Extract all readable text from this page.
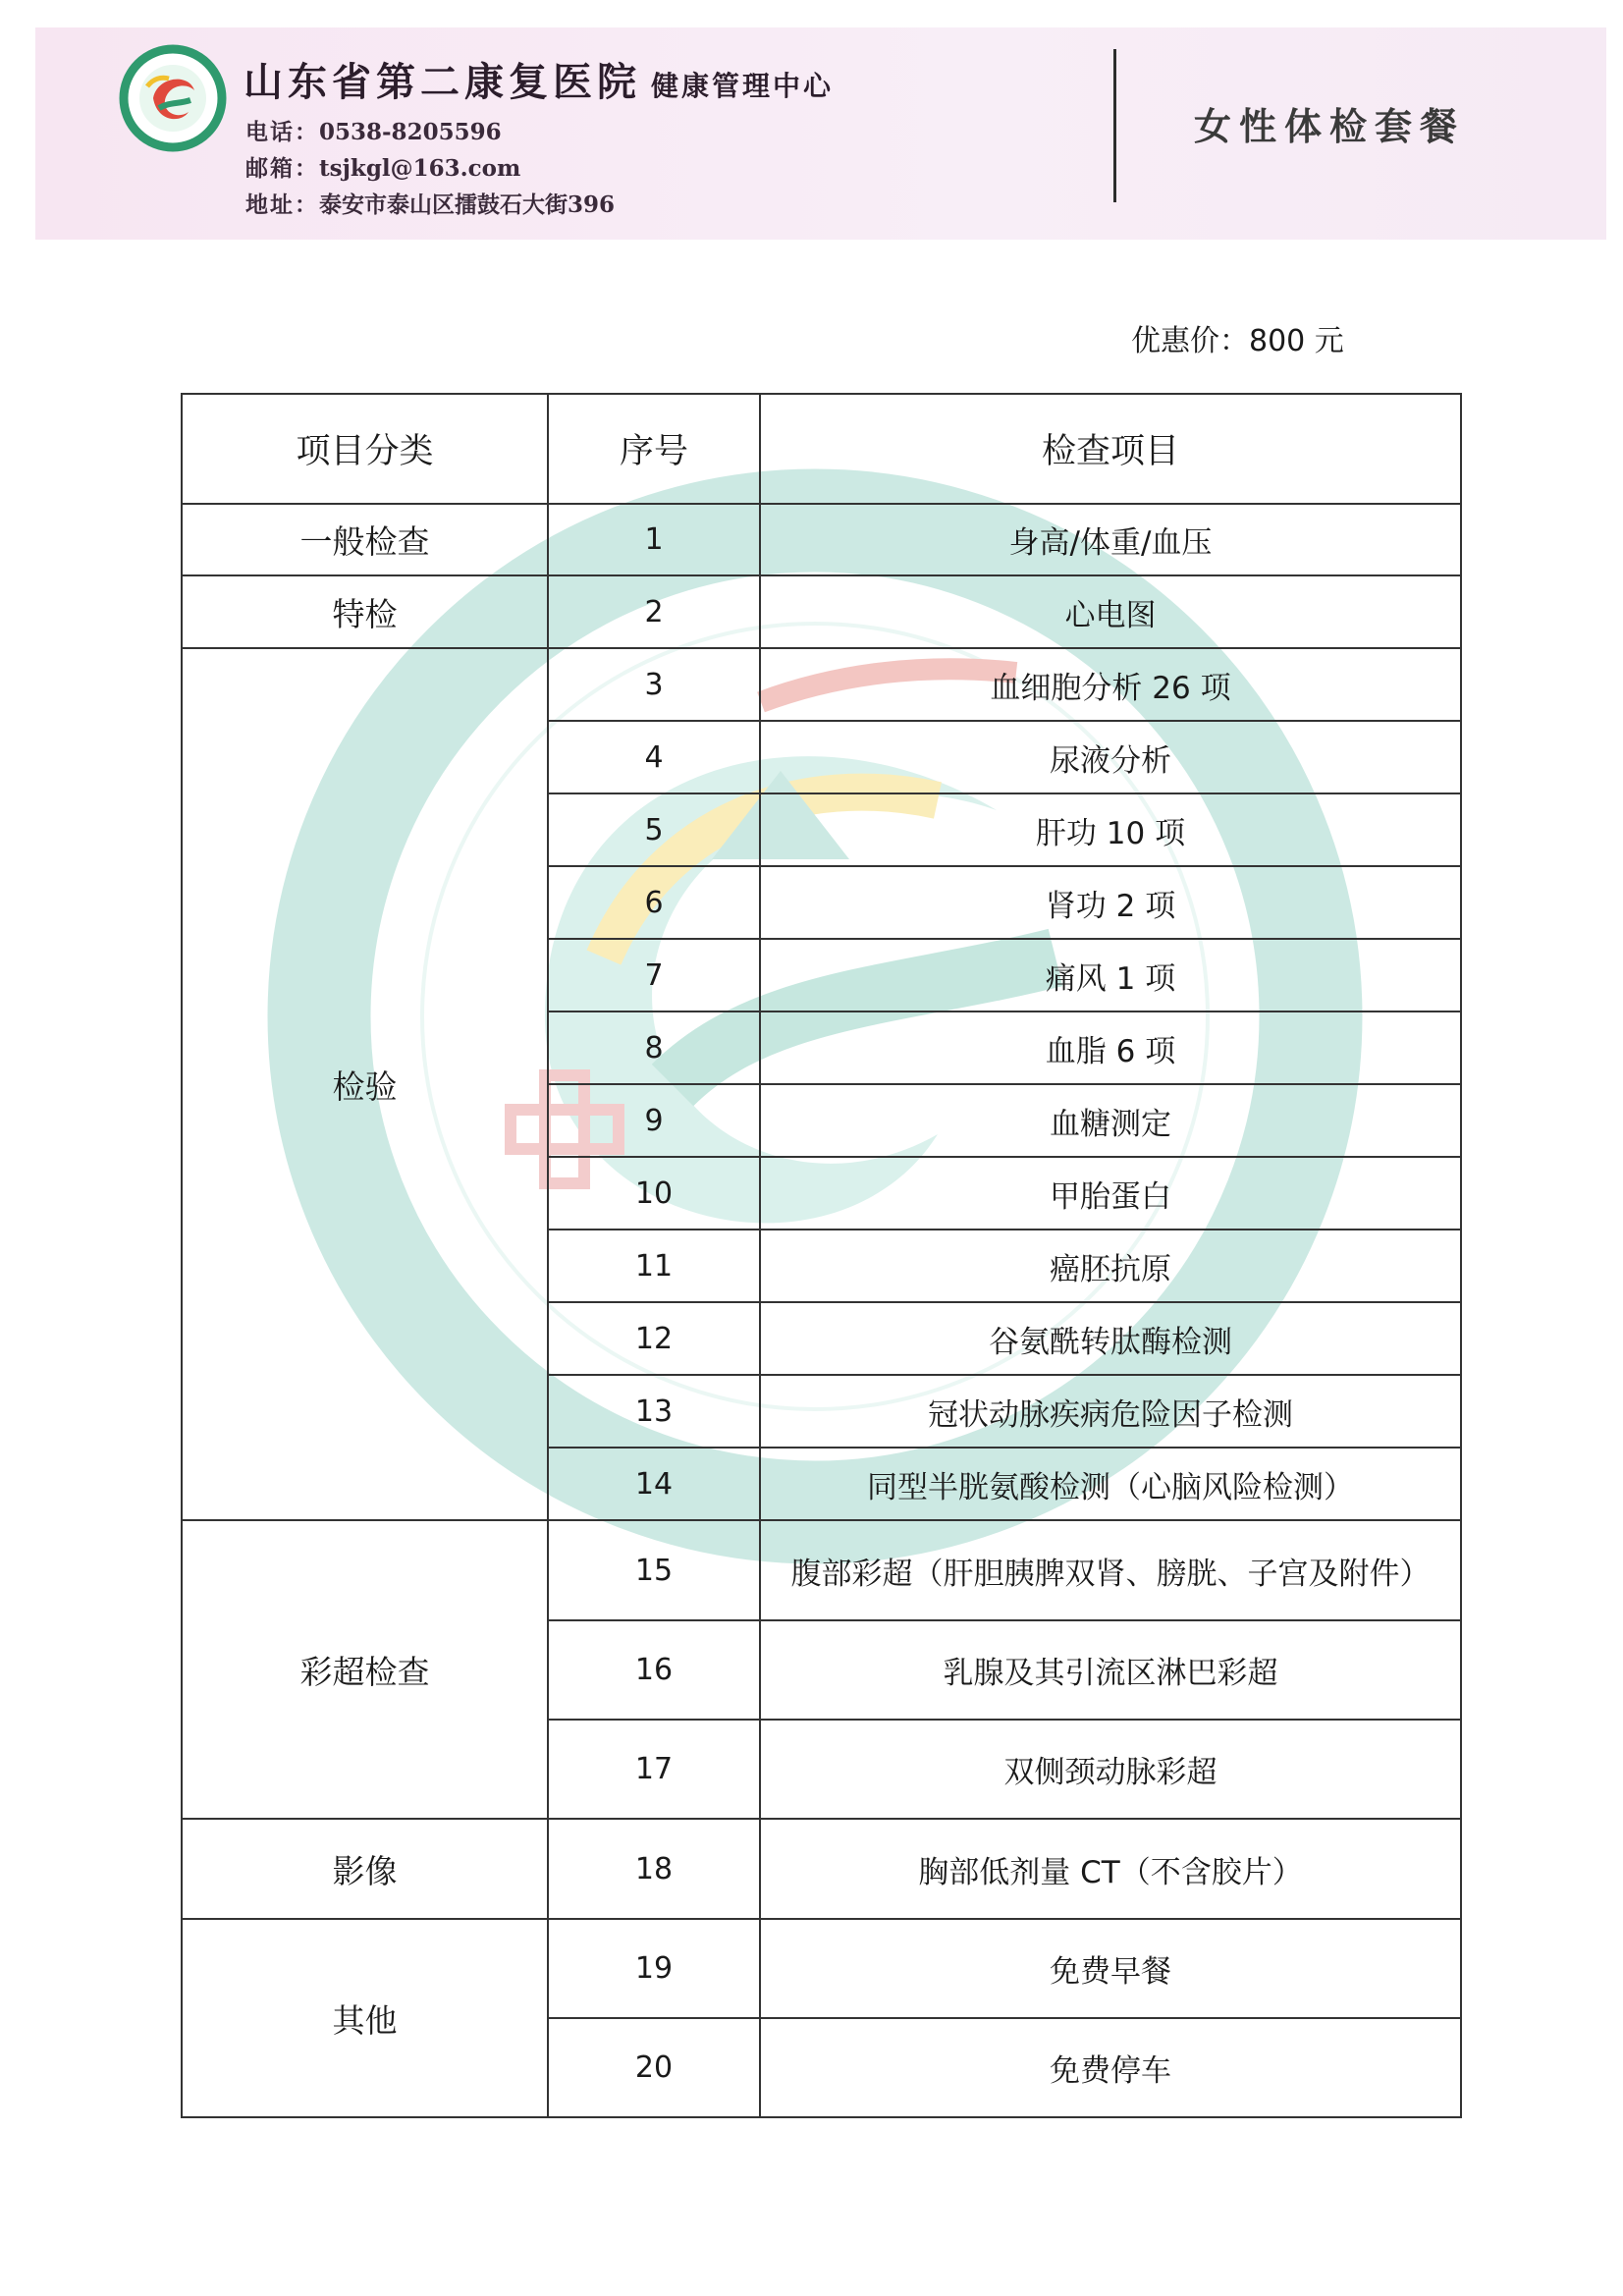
山东省第二康复医院 健康管理中心
电话：0538-8205596
邮箱：tsjkgl@163.com
地址：泰安市泰山区擂鼓石大街396
女性体检套餐
优惠价：800 元
项目分类	序号	检查项目
一般检查	1	身高/体重/血压
特检	2	心电图
检验	3	血细胞分析 26 项
	4	尿液分析
	5	肝功 10 项
	6	肾功 2 项
	7	痛风 1 项
	8	血脂 6 项
	9	血糖测定
	10	甲胎蛋白
	11	癌胚抗原
	12	谷氨酰转肽酶检测
	13	冠状动脉疾病危险因子检测
	14	同型半胱氨酸检测（心脑风险检测）
彩超检查	15	腹部彩超（肝胆胰脾双肾、膀胱、子宫及附件）
	16	乳腺及其引流区淋巴彩超
	17	双侧颈动脉彩超
影像	18	胸部低剂量 CT（不含胶片）
其他	19	免费早餐
	20	免费停车
